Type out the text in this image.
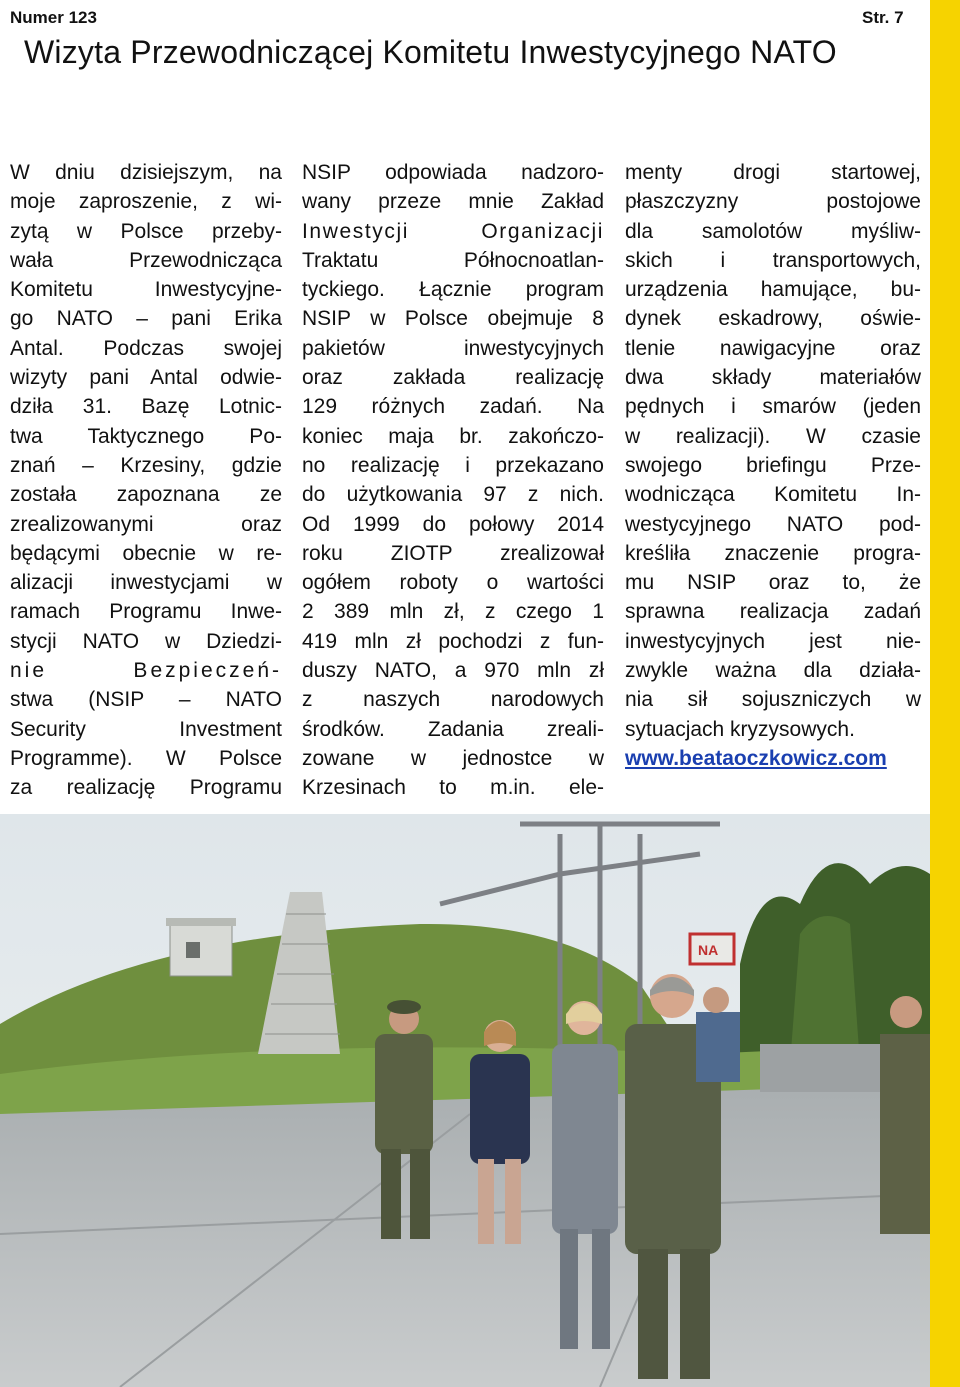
Numer 123	Str. 7
Wizyta Przewodniczącej Komitetu Inwestycyjnego NATO
W dniu dzisiejszym, na
moje zaproszenie, z wi-
zytą w Polsce przeby-
wała Przewodnicząca
Komitetu Inwestycyjne-
go NATO – pani Erika
Antal. Podczas swojej
wizyty pani Antal odwie-
dziła 31. Bazę Lotnic-
twa Taktycznego Po-
znań – Krzesiny, gdzie
została zapoznana ze
zrealizowanymi oraz
będącymi obecnie w re-
alizacji inwestycjami w
ramach Programu Inwe-
stycji NATO w Dziedzi-
nie Bezpieczeń-
stwa (NSIP – NATO
Security Investment
Programme). W Polsce
za realizację Programu
NSIP odpowiada nadzoro-
wany przeze mnie Zakład
Inwestycji Organizacji
Traktatu Północnoatlan-
tyckiego. Łącznie program
NSIP w Polsce obejmuje 8
pakietów inwestycyjnych
oraz zakłada realizację
129 różnych zadań. Na
koniec maja br. zakończo-
no realizację i przekazano
do użytkowania 97 z nich.
Od 1999 do połowy 2014
roku ZIOTP zrealizował
ogółem roboty o wartości
2 389 mln zł, z czego 1
419 mln zł pochodzi z fun-
duszy NATO, a 970 mln zł
z naszych narodowych
środków. Zadania zreali-
zowane w jednostce w
Krzesinach to m.in. ele-
menty drogi startowej,
płaszczyzny postojowe
dla samolotów myśliw-
skich i transportowych,
urządzenia hamujące, bu-
dynek eskadrowy, oświe-
tlenie nawigacyjne oraz
dwa składy materiałów
pędnych i smarów (jeden
w realizacji). W czasie
swojego briefingu Prze-
wodnicząca Komitetu In-
westycyjnego NATO pod-
kreśliła znaczenie progra-
mu NSIP oraz to, że
sprawna realizacja zadań
inwestycyjnych jest nie-
zwykle ważna dla działa-
nia sił sojuszniczych w
sytuacjach kryzysowych.
www.beataoczkowicz.com
NA
